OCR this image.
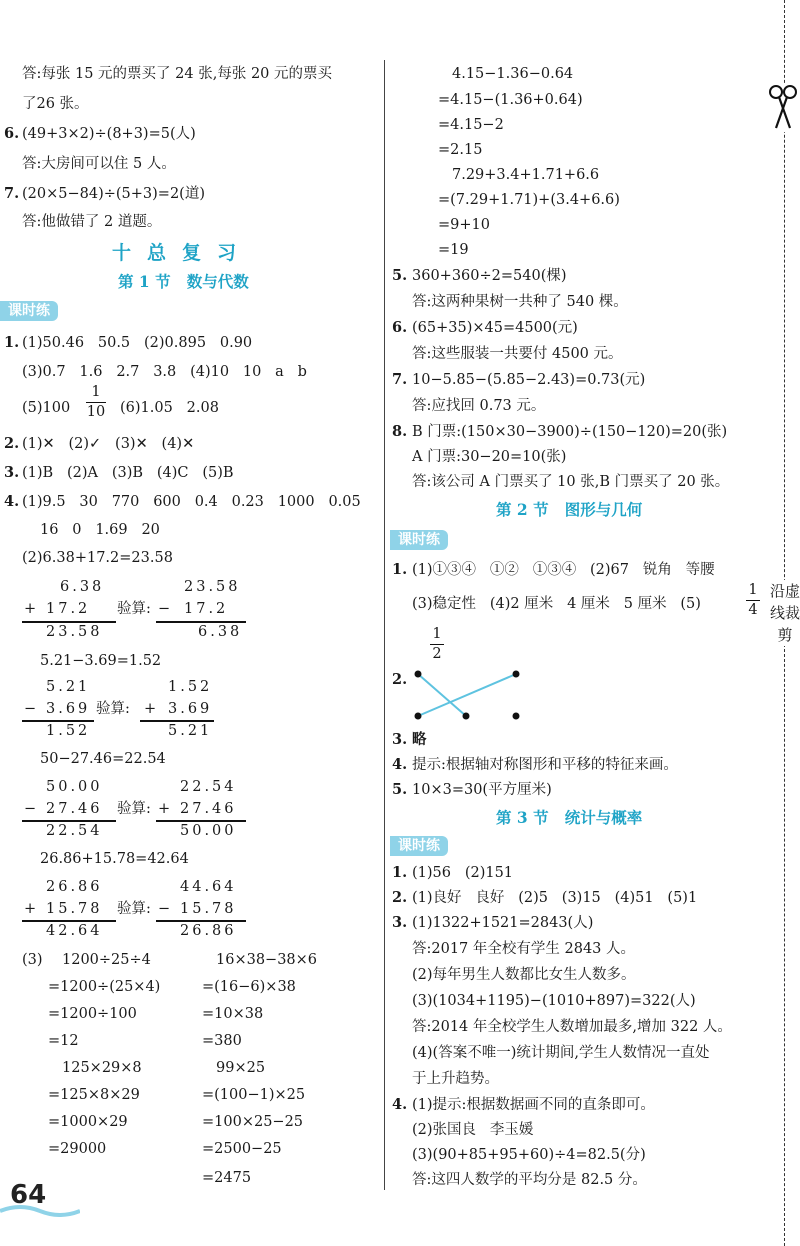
答:每张 15 元的票买了 24 张,每张 20 元的票买
了26 张。
6. (49+3×2)÷(8+3)=5(人)
答:大房间可以住 5 人。
7. (20×5−84)÷(5+3)=2(道)
答:他做错了 2 道题。
十总复习
第 1 节   数与代数
课时练
1. (1)50.46   50.5   (2)0.895   0.90
(3)0.7   1.6   2.7   3.8   (4)10   10   a   b
(5)100
1
10 (6)1.05   2.08
2. (1)✕   (2)✓   (3)✕   (4)✕
3. (1)B   (2)A   (3)B   (4)C   (5)B
4. (1)9.5   30   770   600   0.4   0.23   1000   0.05
16   0   1.69   20
(2)6.38+17.2=23.58
6.38
+ 17.2
23.58
验算:
23.58
− 17.2
6.38
5.21−3.69=1.52
5.21
− 3.69
1.52
验算:
1.52
+ 3.69
5.21
50−27.46=22.54
50.00
− 27.46
22.54
验算:
22.54
+ 27.46
50.00
26.86+15.78=42.64
26.86
+ 15.78
42.64
验算:
44.64
− 15.78
26.86
(3) 1200÷25÷4
=1200÷(25×4)
=1200÷100
=12
125×29×8
=125×8×29
=1000×29
=29000
16×38−38×6
=(16−6)×38
=10×38
=380
99×25
=(100−1)×25
=100×25−25
=2500−25
=2475
4.15−1.36−0.64
=4.15−(1.36+0.64)
=4.15−2
=2.15
7.29+3.4+1.71+6.6
=(7.29+1.71)+(3.4+6.6)
=9+10
=19
5. 360+360÷2=540(棵)
答:这两种果树一共种了 540 棵。
6. (65+35)×45=4500(元)
答:这些服装一共要付 4500 元。
7. 10−5.85−(5.85−2.43)=0.73(元)
答:应找回 0.73 元。
8. B 门票:(150×30−3900)÷(150−120)=20(张)
A 门票:30−20=10(张)
答:该公司 A 门票买了 10 张,B 门票买了 20 张。
第 2 节   图形与几何
课时练
1. (1)①③④   ①②   ①③④   (2)67   锐角   等腰
(3)稳定性   (4)2 厘米   4 厘米   5 厘米   (5)
1
4
1
2
2.
3. 略
4. 提示:根据轴对称图形和平移的特征来画。
5. 10×3=30(平方厘米)
第 3 节   统计与概率
课时练
1. (1)56   (2)151
2. (1)良好   良好   (2)5   (3)15   (4)51   (5)1
3. (1)1322+1521=2843(人)
答:2017 年全校有学生 2843 人。
(2)每年男生人数都比女生人数多。
(3)(1034+1195)−(1010+897)=322(人)
答:2014 年全校学生人数增加最多,增加 322 人。
(4)(答案不唯一)统计期间,学生人数情况一直处
于上升趋势。
4. (1)提示:根据数据画不同的直条即可。
(2)张国良   李玉媛
(3)(90+85+95+60)÷4=82.5(分)
答:这四人数学的平均分是 82.5 分。
沿虚线裁剪
64
